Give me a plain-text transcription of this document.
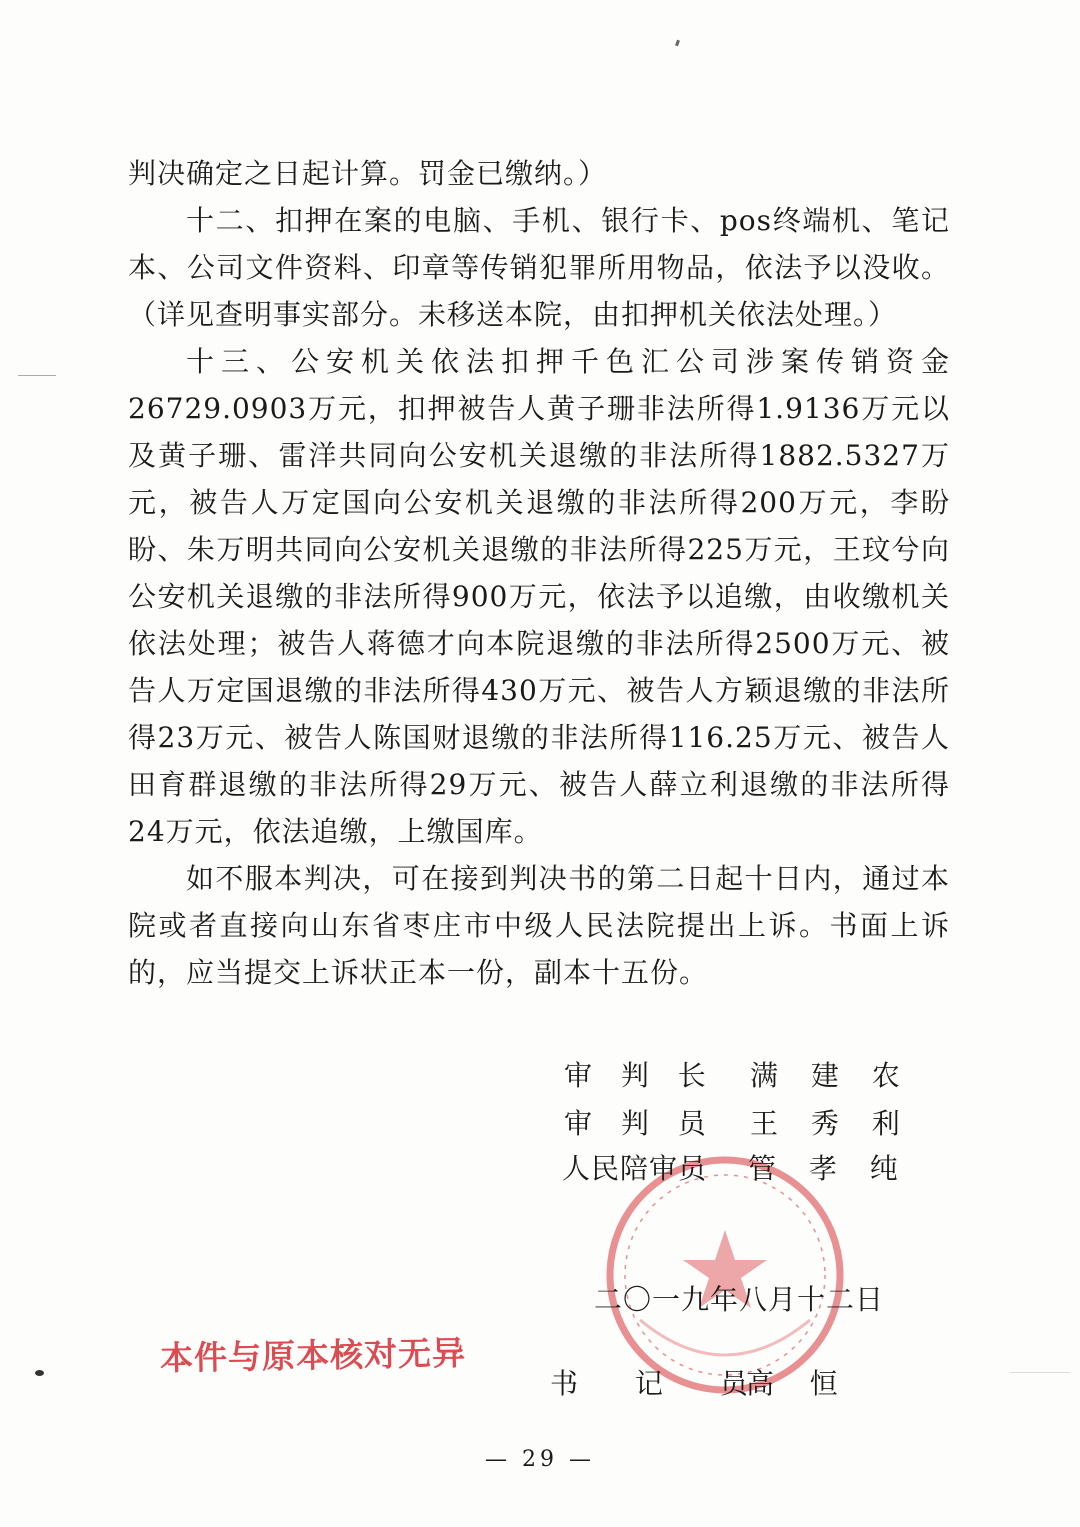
判决确定之日起计算。罚金已缴纳。）

十二、扣押在案的电脑、手机、银行卡、pos终端机、笔记本、公司文件资料、印章等传销犯罪所用物品，依法予以没收。（详见查明事实部分。未移送本院，由扣押机关依法处理。）

十三、公安机关依法扣押千色汇公司涉案传销资金26729.0903万元，扣押被告人黄子珊非法所得1.9136万元以及黄子珊、雷洋共同向公安机关退缴的非法所得1882.5327万元，被告人万定国向公安机关退缴的非法所得200万元，李盼盼、朱万明共同向公安机关退缴的非法所得225万元，王玟兮向公安机关退缴的非法所得900万元，依法予以追缴，由收缴机关依法处理；被告人蒋德才向本院退缴的非法所得2500万元、被告人万定国退缴的非法所得430万元、被告人方颖退缴的非法所得23万元、被告人陈国财退缴的非法所得116.25万元、被告人田育群退缴的非法所得29万元、被告人薛立利退缴的非法所得24万元，依法追缴，上缴国库。

如不服本判决，可在接到判决书的第二日起十日内，通过本院或者直接向山东省枣庄市中级人民法院提出上诉。书面上诉的，应当提交上诉状正本一份，副本十五份。

审 判 长 满 建 农
审 判 员 王 秀 利
人民陪审员 管 孝 纯
二〇一九年八月十二日
本件与原本核对无异
书 记 员
高    恒
— 29 —
